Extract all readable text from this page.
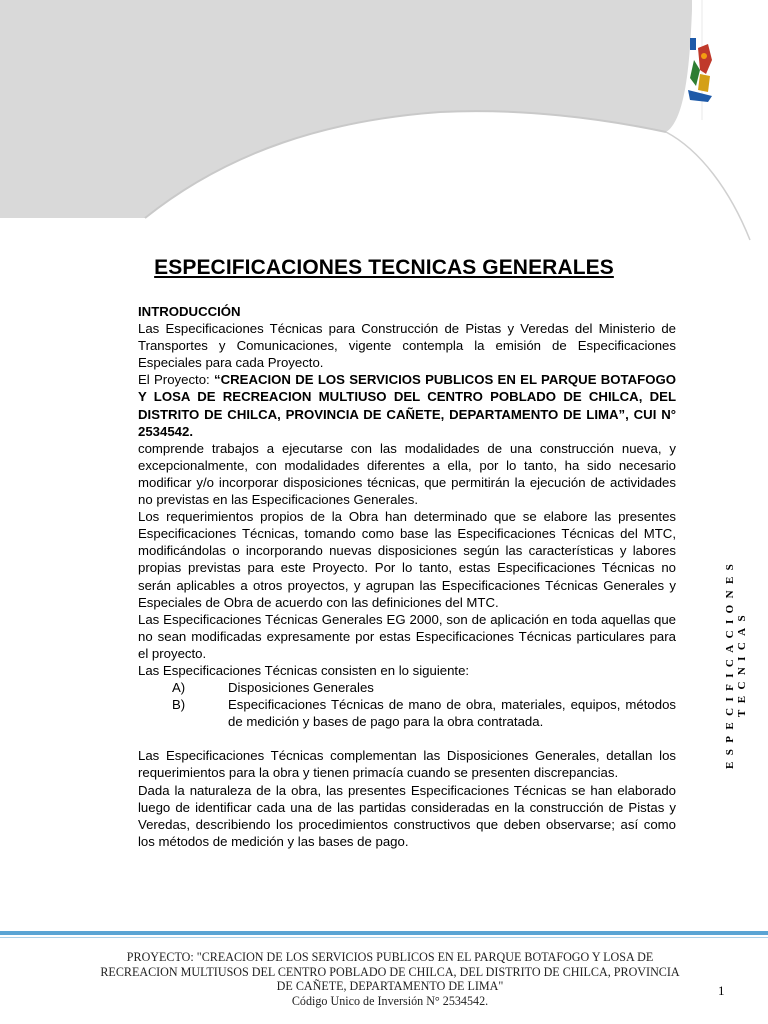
ESPECIFICACIONES TECNICAS GENERALES

INTRODUCCIÓN

Las Especificaciones Técnicas para Construcción de Pistas y Veredas del Ministerio de Transportes y Comunicaciones, vigente contempla la emisión de Especificaciones Especiales para cada Proyecto.

El Proyecto: “CREACION DE LOS SERVICIOS PUBLICOS EN EL PARQUE BOTAFOGO Y LOSA DE RECREACION MULTIUSO DEL CENTRO POBLADO DE CHILCA, DEL DISTRITO DE CHILCA, PROVINCIA DE CAÑETE, DEPARTAMENTO DE LIMA”, CUI N° 2534542.

comprende trabajos a ejecutarse con las modalidades de una construcción nueva, y excepcionalmente, con modalidades diferentes a ella, por lo tanto, ha sido necesario modificar y/o incorporar disposiciones técnicas, que permitirán la ejecución de actividades no previstas en las Especificaciones Generales.

Los requerimientos propios de la Obra han determinado que se elabore las presentes Especificaciones Técnicas, tomando como base las Especificaciones Técnicas del MTC, modificándolas o incorporando nuevas disposiciones según las características y labores propias previstas para este Proyecto. Por lo tanto, estas Especificaciones Técnicas no serán aplicables a otros proyectos, y agrupan las Especificaciones Técnicas Generales y Especiales de Obra de acuerdo con las definiciones del MTC.

Las Especificaciones Técnicas Generales EG 2000, son de aplicación en toda aquellas que no sean modificadas expresamente por estas Especificaciones Técnicas particulares para el proyecto.

Las Especificaciones Técnicas consisten en lo siguiente:

A)	Disposiciones Generales
B)	Especificaciones Técnicas de mano de obra, materiales, equipos, métodos de medición y bases de pago para la obra contratada.

Las Especificaciones Técnicas complementan las Disposiciones Generales, detallan los requerimientos para la obra y tienen primacía cuando se presenten discrepancias.

Dada la naturaleza de la obra, las presentes Especificaciones Técnicas se han elaborado luego de identificar cada una de las partidas consideradas en la construcción de Pistas y Veredas, describiendo los procedimientos constructivos que deben observarse; así como los métodos de medición y las bases de pago.

ESPECIFICACIONES TECNICAS
PROYECTO: "CREACION DE LOS SERVICIOS PUBLICOS EN EL PARQUE BOTAFOGO Y LOSA DE RECREACION MULTIUSOS DEL CENTRO POBLADO DE CHILCA, DEL DISTRITO DE CHILCA, PROVINCIA DE CAÑETE, DEPARTAMENTO DE LIMA"
Código Unico de Inversión N° 2534542.
1
